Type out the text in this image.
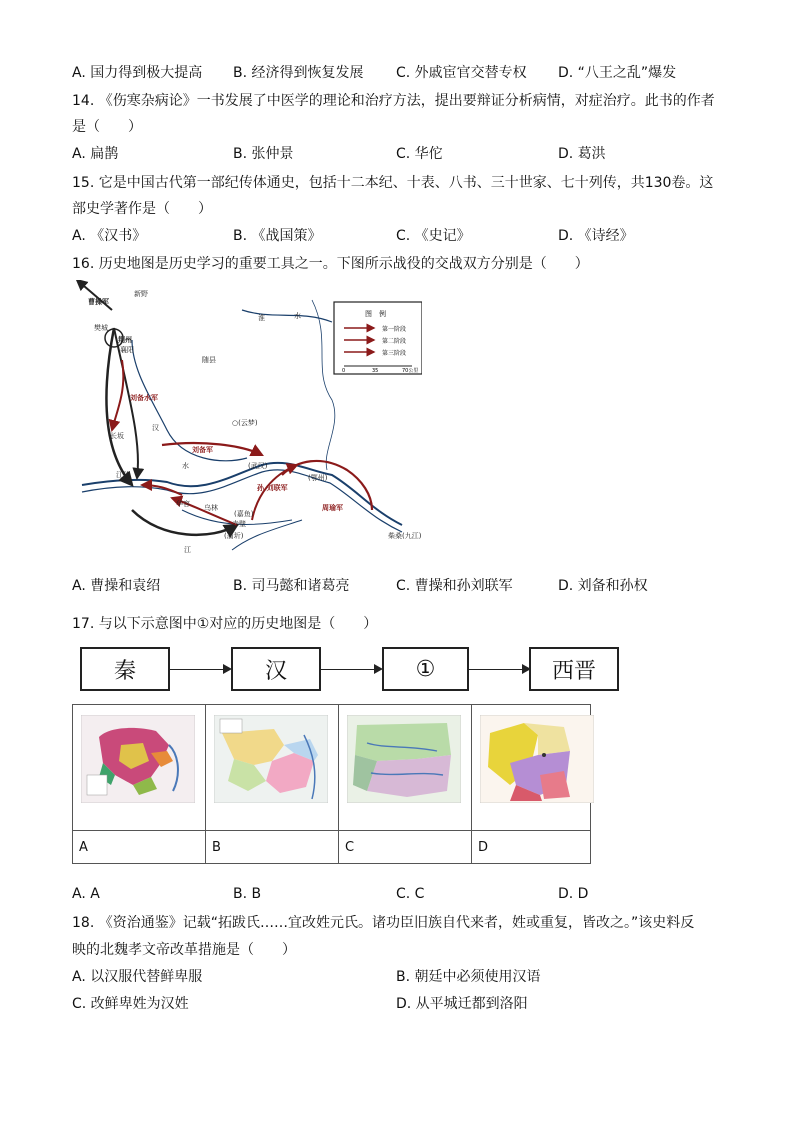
A. 国力得到极大提高 B. 经济得到恢复发展 C. 外戚宦官交替专权 D. “八王之乱”爆发
14. 《伤寒杂病论》一书发展了中医学的理论和治疗方法，提出要辩证分析病情，对症治疗。此书的作者
是（　　）
A. 扁鹊	B. 张仲景	C. 华佗	D. 葛洪
15. 它是中国古代第一部纪传体通史，包括十二本纪、十表、八书、三十世家、七十列传，共130卷。这
部史学著作是（　　）
A. 《汉书》	B. 《战国策》	C. 《史记》	D. 《诗经》
16. 历史地图是历史学习的重要工具之一。下图所示战役的交战双方分别是（　　）
图　例
第一阶段
第二阶段
第三阶段
0	35	70公里
曹操军
新野
樊城
荆州
襄阳
刘备水军
汉
长坂
刘备军
江陵
水	(武汉)
孙.刘联军
(鄂州)
周瑜军
华容 乌林
赤壁
(嘉鱼)
(蒲圻)	柴桑(九江)
江
随县
○(云梦)
淮	水
A. 曹操和袁绍	B. 司马懿和诸葛亮	C. 曹操和孙刘联军	D. 刘备和孙权
17. 与以下示意图中①对应的历史地图是（　　）
秦	汉	①	西晋

A	B	C	D
A. A	B. B	C. C	D. D
18. 《资治通鉴》记载“拓跋氏……宜改姓元氏。诸功臣旧族自代来者，姓或重复，皆改之。”该史料反
映的北魏孝文帝改革措施是（　　）
A. 以汉服代替鲜卑服	B. 朝廷中必须使用汉语
C. 改鲜卑姓为汉姓	D. 从平城迁都到洛阳
